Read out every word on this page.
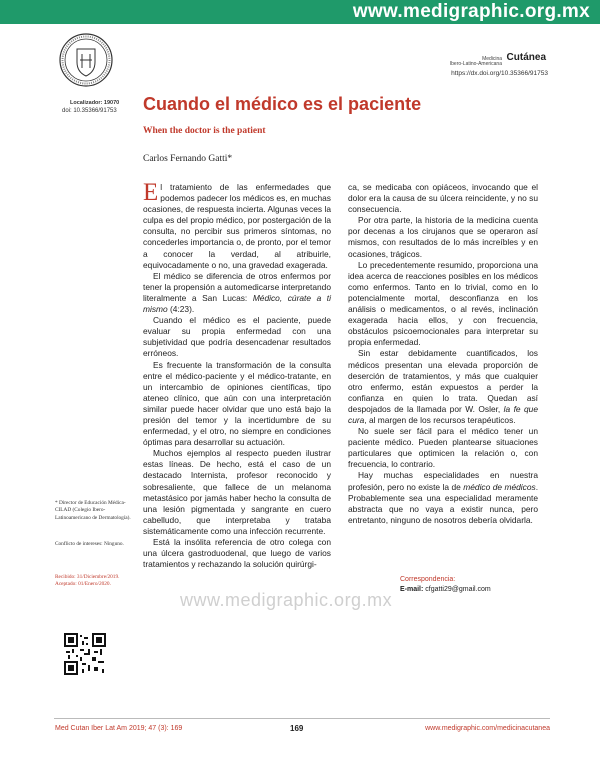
www.medigraphic.org.mx
Medicina Cutánea
Ibero-Latino-Americana
https://dx.doi.org/10.35366/91753
Localizador: 19070
doi: 10.35366/91753 Cuando el médico es el paciente
When the doctor is the patient
Carlos Fernando Gatti*

El tratamiento de las enfermedades que podemos padecer los médicos es, en muchas ocasiones, de respuesta incierta. Algunas veces la culpa es del propio médico, por postergación de la consulta, no percibir sus primeros síntomas, no concederles importancia o, de pronto, por el temor a conocer la verdad, al atribuirle, equivocadamente o no, una gravedad exagerada.

El médico se diferencia de otros enfermos por tener la propensión a automedicarse interpretando literalmente a San Lucas: Médico, cúrate a ti mismo (4:23).

Cuando el médico es el paciente, puede evaluar su propia enfermedad con una subjetividad que podría desencadenar resultados erróneos.

Es frecuente la transformación de la consulta entre el médico-paciente y el médico-tratante, en un intercambio de opiniones científicas, tipo ateneo clínico, que aún con una interpretación similar puede hacer olvidar que uno está bajo la presión del temor y la incertidumbre de su enfermedad, y el otro, no siempre en condiciones óptimas para desarrollar su actuación.

Muchos ejemplos al respecto pueden ilustrar estas líneas. De hecho, está el caso de un destacado Internista, profesor reconocido y sobresaliente, que fallece de un melanoma metastásico por jamás haber hecho la consulta de una lesión pigmentada y sangrante en cuero cabelludo, que interpretaba y trataba sistemáticamente como una infección recurrente.

Está la insólita referencia de otro colega con una úlcera gastroduodenal, que luego de varios tratamientos y rechazando la solución quirúrgi-

ca, se medicaba con opiáceos, invocando que el dolor era la causa de su úlcera reincidente, y no su consecuencia.

Por otra parte, la historia de la medicina cuenta por decenas a los cirujanos que se operaron así mismos, con resultados de lo más increíbles y en ocasiones, trágicos.

Lo precedentemente resumido, proporciona una idea acerca de reacciones posibles en los médicos como enfermos. Tanto en lo trivial, como en lo potencialmente mortal, desconfianza en los análisis o medicamentos, o al revés, inclinación exagerada hacia ellos, y con frecuencia, obstáculos psicoemocionales para interpretar su propia enfermedad.

Sin estar debidamente cuantificados, los médicos presentan una elevada proporción de deserción de tratamientos, y más que cualquier otro enfermo, están expuestos a perder la confianza en quien lo trata. Quedan así despojados de la llamada por W. Osler, la fe que cura, al margen de los recursos terapéuticos.

No suele ser fácil para el médico tener un paciente médico. Pueden plantearse situaciones particulares que optimicen la relación o, con frecuencia, lo contrario.

Hay muchas especialidades en nuestra profesión, pero no existe la de médico de médicos. Probablemente sea una especialidad meramente abstracta que no vaya a existir nunca, pero entretanto, ninguno de nosotros debería olvidarla.

* Director de Educación Médica-CILAD (Colegio Ibero-Latinoamericano de Dermatología).
Conflicto de intereses: Ninguno.
Recibido: 31/Diciembre/2019.
Aceptado: 01/Enero/2020.
Correspondencia:
E-mail: cfgatti29@gmail.com
www.medigraphic.org.mx
Med Cutan Iber Lat Am 2019; 47 (3): 169	169	www.medigraphic.com/medicinacutanea
